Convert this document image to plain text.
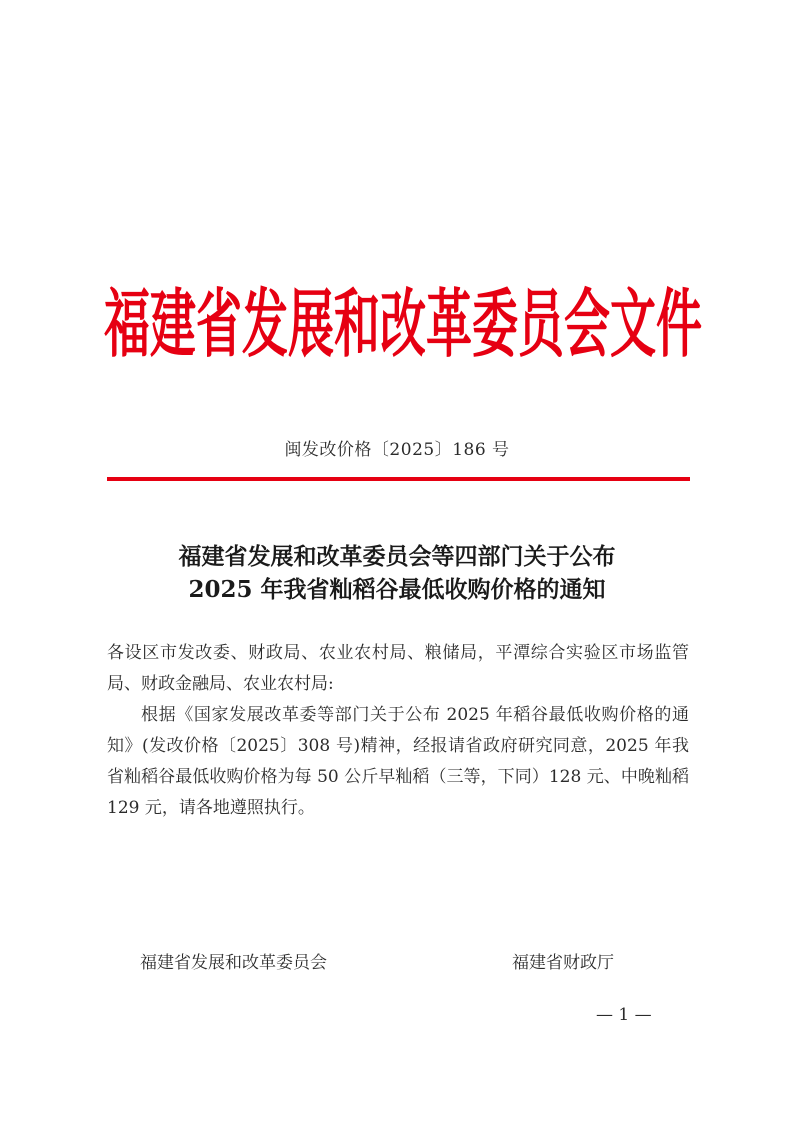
福建省发展和改革委员会文件
闽发改价格〔2025〕186 号
福建省发展和改革委员会等四部门关于公布
2025 年我省籼稻谷最低收购价格的通知

各设区市发改委、财政局、农业农村局、粮储局，平潭综合实验区市场监管局、财政金融局、农业农村局:

根据《国家发展改革委等部门关于公布 2025 年稻谷最低收购价格的通知》(发改价格〔2025〕308 号)精神，经报请省政府研究同意，2025 年我省籼稻谷最低收购价格为每 50 公斤早籼稻（三等，下同）128 元、中晚籼稻 129 元，请各地遵照执行。

福建省发展和改革委员会	福建省财政厅
— 1 —
